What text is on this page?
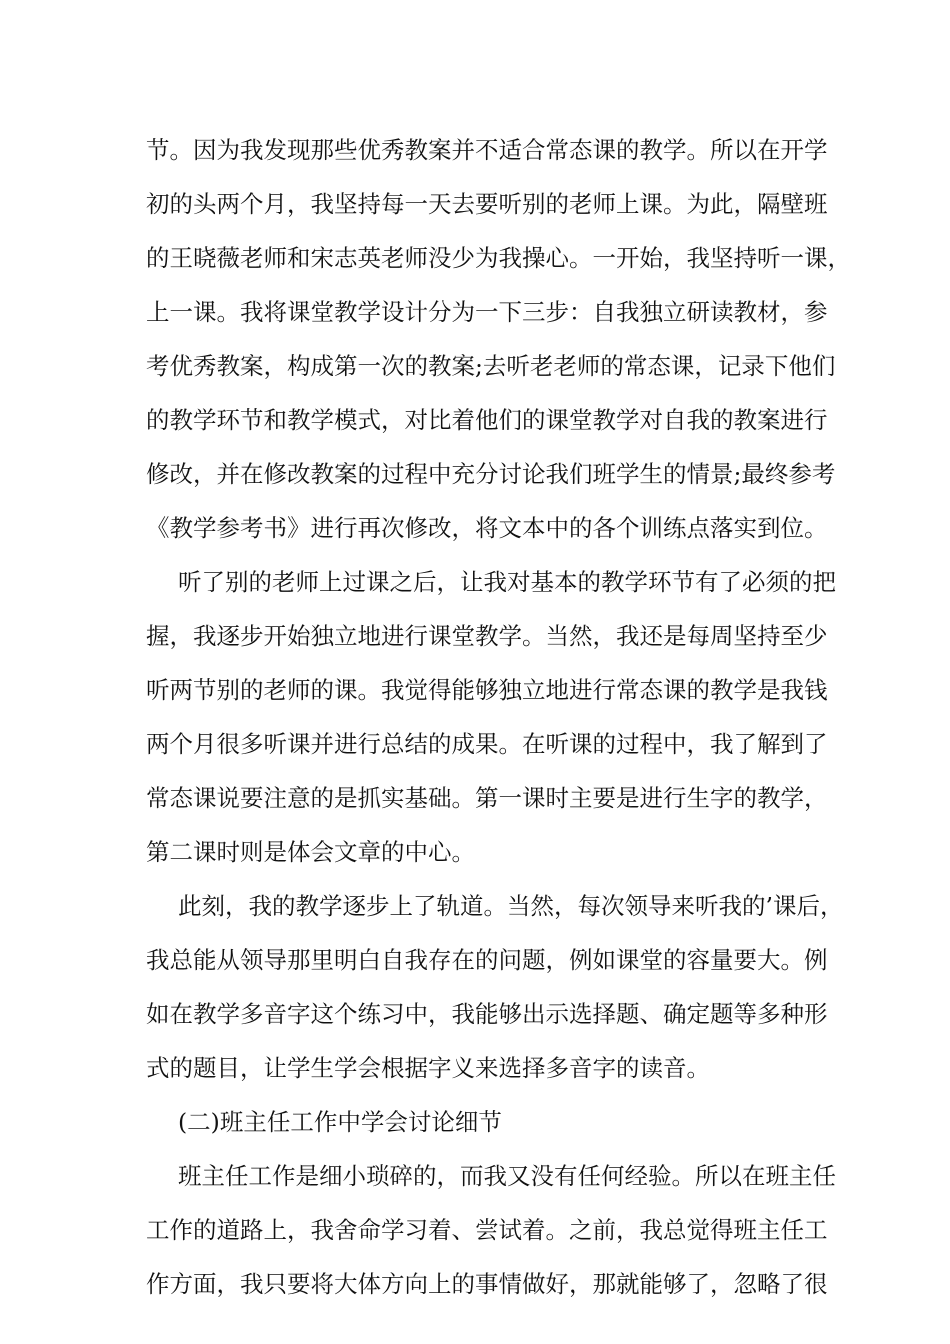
节。因为我发现那些优秀教案并不适合常态课的教学。所以在开学
初的头两个月，我坚持每一天去要听别的老师上课。为此，隔壁班
的王晓薇老师和宋志英老师没少为我操心。一开始，我坚持听一课，
上一课。我将课堂教学设计分为一下三步：自我独立研读教材，参
考优秀教案，构成第一次的教案;去听老老师的常态课，记录下他们
的教学环节和教学模式，对比着他们的课堂教学对自我的教案进行
修改，并在修改教案的过程中充分讨论我们班学生的情景;最终参考
《教学参考书》进行再次修改，将文本中的各个训练点落实到位。
听了别的老师上过课之后，让我对基本的教学环节有了必须的把
握，我逐步开始独立地进行课堂教学。当然，我还是每周坚持至少
听两节别的老师的课。我觉得能够独立地进行常态课的教学是我钱
两个月很多听课并进行总结的成果。在听课的过程中，我了解到了
常态课说要注意的是抓实基础。第一课时主要是进行生字的教学，
第二课时则是体会文章的中心。
此刻，我的教学逐步上了轨道。当然，每次领导来听我的’课后，
我总能从领导那里明白自我存在的问题，例如课堂的容量要大。例
如在教学多音字这个练习中，我能够出示选择题、确定题等多种形
式的题目，让学生学会根据字义来选择多音字的读音。
(二)班主任工作中学会讨论细节
班主任工作是细小琐碎的，而我又没有任何经验。所以在班主任
工作的道路上，我舍命学习着、尝试着。之前，我总觉得班主任工
作方面，我只要将大体方向上的事情做好，那就能够了，忽略了很
